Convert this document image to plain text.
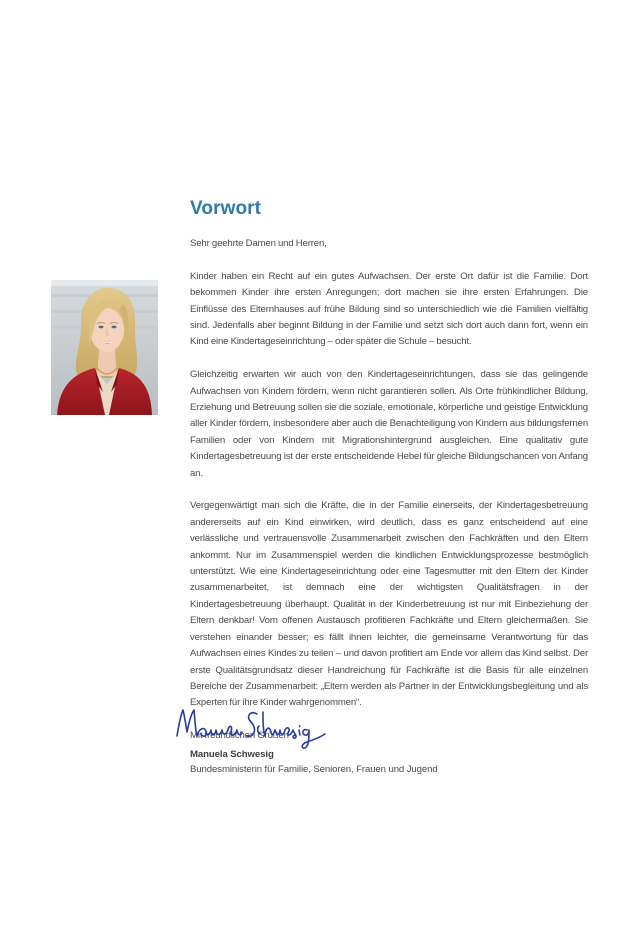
Vorwort

Sehr geehrte Damen und Herren,

Kinder haben ein Recht auf ein gutes Aufwachsen. Der erste Ort dafür ist die Familie. Dort bekommen Kinder ihre ersten Anregungen; dort machen sie ihre ersten Erfahrungen. Die Einflüsse des Elternhauses auf frühe Bildung sind so unterschiedlich wie die Familien vielfältig sind. Jedenfalls aber beginnt Bildung in der Familie und setzt sich dort auch dann fort, wenn ein Kind eine Kindertageseinrichtung – oder später die Schule – besucht.

Gleichzeitig erwarten wir auch von den Kindertageseinrichtungen, dass sie das gelingende Aufwachsen von Kindern fördern, wenn nicht garantieren sollen. Als Orte frühkindlicher Bildung, Erziehung und Betreuung sollen sie die soziale, emotionale, körperliche und geistige Entwicklung aller Kinder fördern, insbesondere aber auch die Benachteiligung von Kindern aus bildungsfernen Familien oder von Kindern mit Migrationshintergrund ausgleichen. Eine qualitativ gute Kindertagesbetreuung ist der erste entscheidende Hebel für gleiche Bildungschancen von Anfang an.

Vergegenwärtigt man sich die Kräfte, die in der Familie einerseits, der Kindertagesbetreuung andererseits auf ein Kind einwirken, wird deutlich, dass es ganz entscheidend auf eine verlässliche und vertrauensvolle Zusammenarbeit zwischen den Fachkräften und den Eltern ankommt. Nur im Zusammenspiel werden die kindlichen Entwicklungsprozesse bestmöglich unterstützt. Wie eine Kindertageseinrichtung oder eine Tagesmutter mit den Eltern der Kinder zusammenarbeitet, ist demnach eine der wichtigsten Qualitätsfragen in der Kindertagesbetreuung überhaupt. Qualität in der Kinderbetreuung ist nur mit Einbeziehung der Eltern denkbar! Vom offenen Austausch profitieren Fachkräfte und Eltern gleichermaßen. Sie verstehen einander besser; es fällt ihnen leichter, die gemeinsame Verantwortung für das Aufwachsen eines Kindes zu teilen – und davon profitiert am Ende vor allem das Kind selbst. Der erste Qualitätsgrundsatz dieser Handreichung für Fachkräfte ist die Basis für alle einzelnen Bereiche der Zusammenarbeit: „Eltern werden als Partner in der Entwicklungsbegleitung und als Experten für ihre Kinder wahrgenommen“.

Mit freundlichen Grüßen

Manuela Schwesig
Bundesministerin für Familie, Senioren, Frauen und Jugend
